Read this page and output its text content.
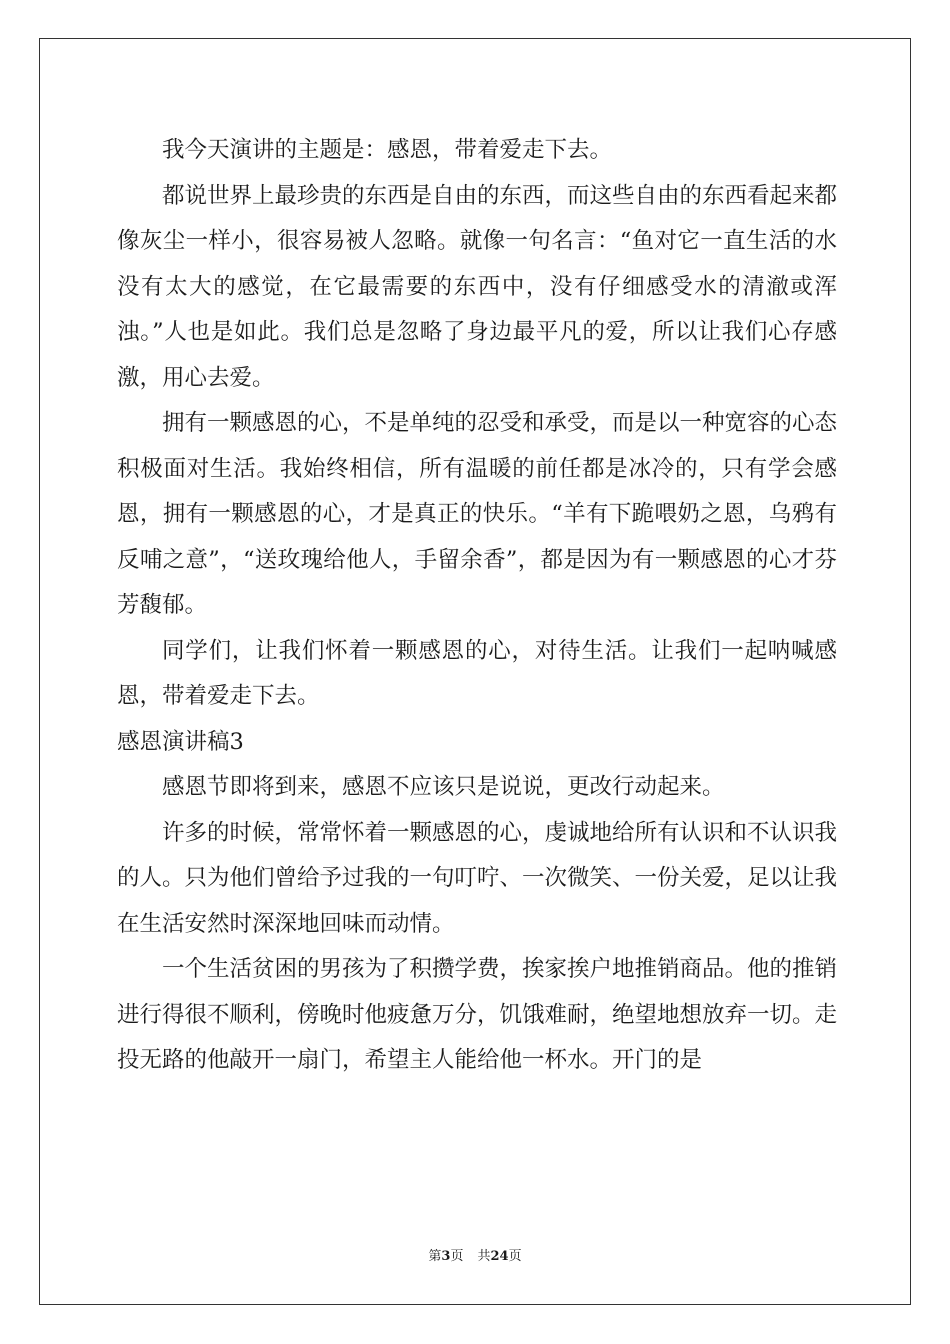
我今天演讲的主题是：感恩，带着爱走下去。

都说世界上最珍贵的东西是自由的东西，而这些自由的东西看起来都像灰尘一样小，很容易被人忽略。就像一句名言：“鱼对它一直生活的水没有太大的感觉，在它最需要的东西中，没有仔细感受水的清澈或浑浊。”人也是如此。我们总是忽略了身边最平凡的爱，所以让我们心存感激，用心去爱。

拥有一颗感恩的心，不是单纯的忍受和承受，而是以一种宽容的心态积极面对生活。我始终相信，所有温暖的前任都是冰冷的，只有学会感恩，拥有一颗感恩的心，才是真正的快乐。“羊有下跪喂奶之恩，乌鸦有反哺之意”，“送玫瑰给他人，手留余香”，都是因为有一颗感恩的心才芬芳馥郁。

同学们，让我们怀着一颗感恩的心，对待生活。让我们一起呐喊感恩，带着爱走下去。

感恩演讲稿3

感恩节即将到来，感恩不应该只是说说，更改行动起来。

许多的时候，常常怀着一颗感恩的心，虔诚地给所有认识和不认识我的人。只为他们曾给予过我的一句叮咛、一次微笑、一份关爱，足以让我在生活安然时深深地回味而动情。

一个生活贫困的男孩为了积攒学费，挨家挨户地推销商品。他的推销进行得很不顺利，傍晚时他疲惫万分，饥饿难耐，绝望地想放弃一切。走投无路的他敲开一扇门，希望主人能给他一杯水。开门的是

第3页 共24页
